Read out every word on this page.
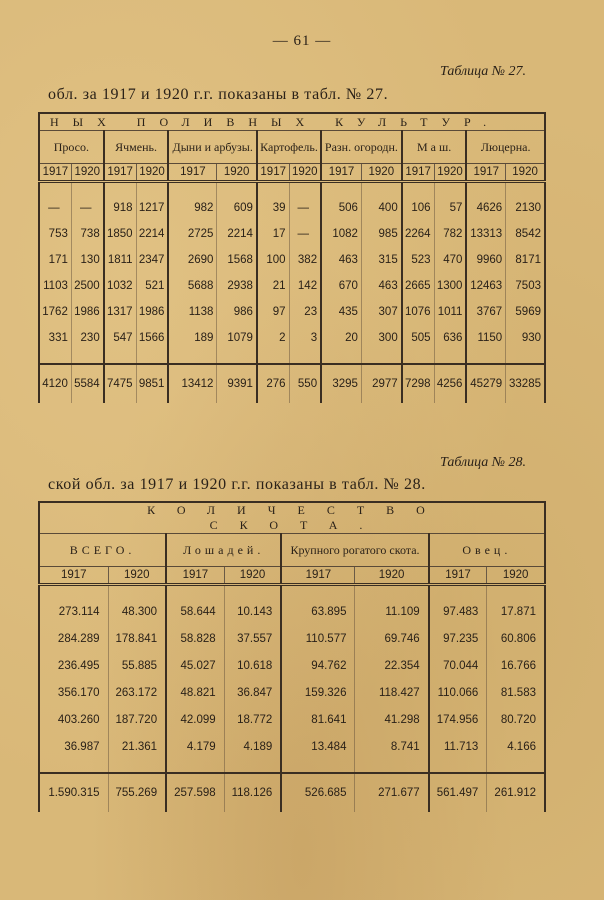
— 61 —
Таблица № 27.
обл. за 1917 и 1920 г.г. показаны в табл. № 27.
НЫХ ПОЛИВНЫХ КУЛЬТУР.													
Просо.		Ячмень.		Дыни и арбузы.		Картофель.		Разн. огородн.		М а ш.		Люцерна.	
1917	1920	1917	1920	1917	1920	1917	1920	1917	1920	1917	1920	1917	1920

—	—	918	1217	982	609	39	—	506	400	106	57	4626	2130
753	738	1850	2214	2725	2214	17	—	1082	985	2264	782	13313	8542
171	130	1811	2347	2690	1568	100	382	463	315	523	470	9960	8171
1103	2500	1032	521	5688	2938	21	142	670	463	2665	1300	12463	7503
1762	1986	1317	1986	1138	986	97	23	435	307	1076	1011	3767	5969
331	230	547	1566	189	1079	2	3	20	300	505	636	1150	930

4120	5584	7475	9851	13412	9391	276	550	3295	2977	7298	4256	45279	33285
Таблица № 28.
ской обл. за 1917 и 1920 г.г. показаны в табл. № 28.
КОЛИЧЕСТВО СКОТА.							
ВСЕГО.		Лошадей.		Крупного рогатого скота.		Овец.	
1917	1920	1917	1920	1917	1920	1917	1920

273.114	48.300	58.644	10.143	63.895	11.109	97.483	17.871
284.289	178.841	58.828	37.557	110.577	69.746	97.235	60.806
236.495	55.885	45.027	10.618	94.762	22.354	70.044	16.766
356.170	263.172	48.821	36.847	159.326	118.427	110.066	81.583
403.260	187.720	42.099	18.772	81.641	41.298	174.956	80.720
36.987	21.361	4.179	4.189	13.484	8.741	11.713	4.166

1.590.315	755.269	257.598	118.126	526.685	271.677	561.497	261.912
